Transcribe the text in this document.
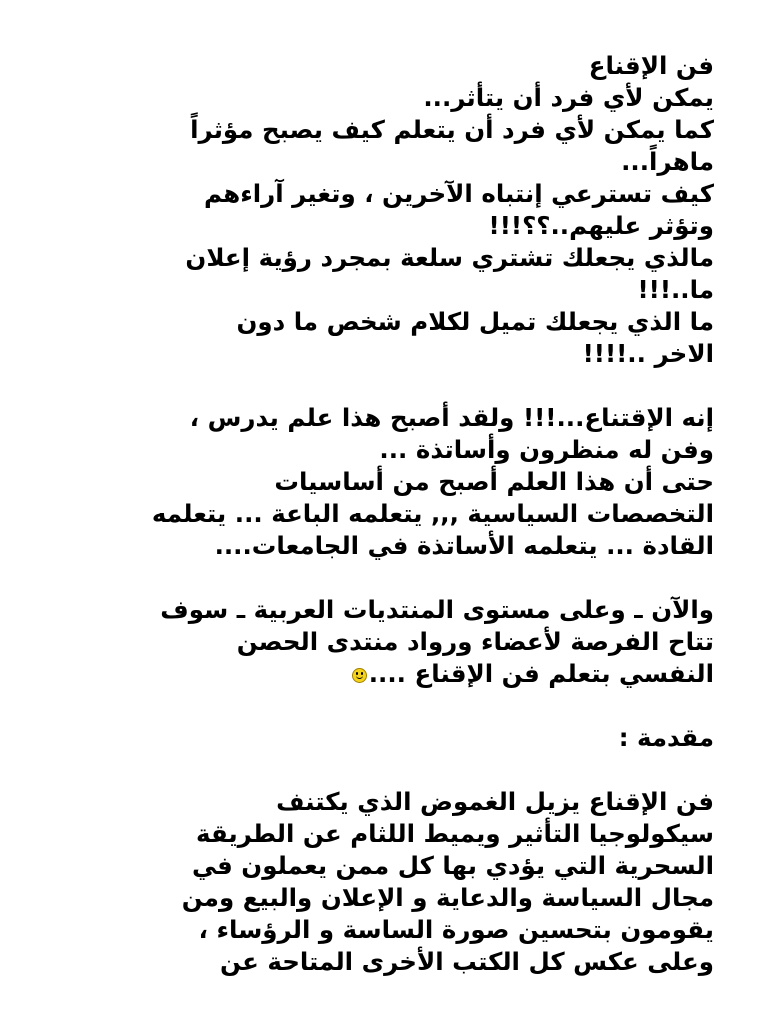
فن الإقناع
يمكن لأي فرد أن يتأثر...
كما يمكن لأي فرد أن يتعلم كيف يصبح مؤثراً
ماهراً...
كيف تسترعي إنتباه الآخرين ، وتغير آراءهم
وتؤثر عليهم..؟؟!!!
مالذي يجعلك تشتري سلعة بمجرد رؤية إعلان
ما..!!!
ما الذي يجعلك تميل لكلام شخص ما دون
الاخر ..!!!!
إنه الإقتناع...!!! ولقد أصبح هذا علم يدرس ،
وفن له منظرون وأساتذة ...
حتى أن هذا العلم أصبح من أساسيات
التخصصات السياسية ,,, يتعلمه الباعة ... يتعلمه
القادة ... يتعلمه الأساتذة في الجامعات....
والآن ـ وعلى مستوى المنتديات العربية ـ سوف
تتاح الفرصة لأعضاء ورواد منتدى الحصن
النفسي بتعلم فن الإقناع ....
مقدمة :
فن الإقناع يزيل الغموض الذي يكتنف
سيكولوجيا التأثير ويميط اللثام عن الطريقة
السحرية التي يؤدي بها كل ممن يعملون في
مجال السياسة والدعاية و الإعلان والبيع ومن
يقومون بتحسين صورة الساسة و الرؤساء ،
وعلى عكس كل الكتب الأخرى المتاحة عن
